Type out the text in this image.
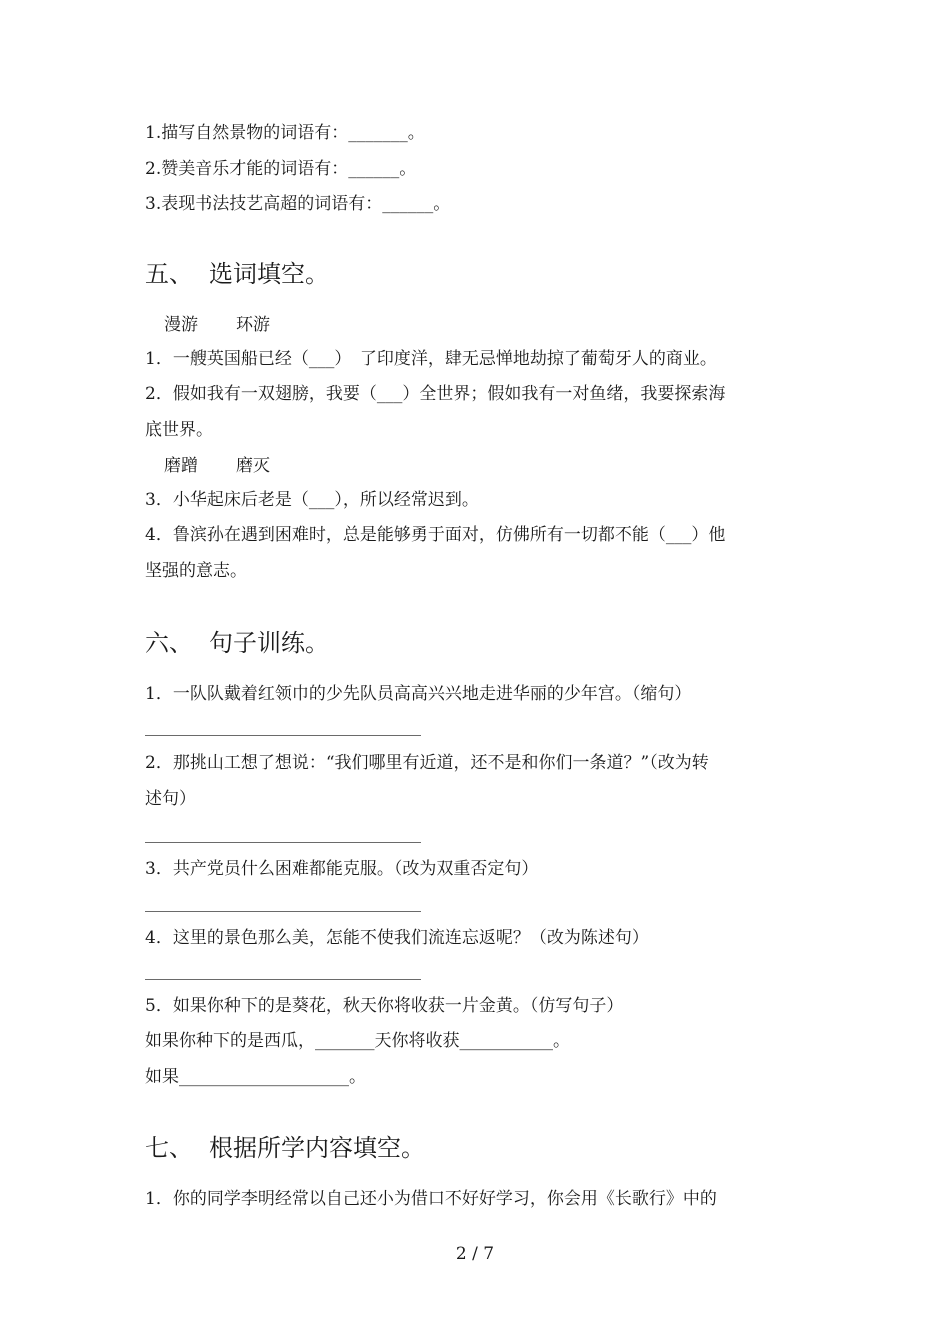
1.描写自然景物的词语有：_______。
2.赞美音乐才能的词语有：______。
3.表现书法技艺高超的词语有：______。
五、 选词填空。
漫游 环游
1．一艘英国船已经（___）　了印度洋，肆无忌惮地劫掠了葡萄牙人的商业。
2．假如我有一双翅膀，我要（___）全世界；假如我有一对鱼绪，我要探索海
底世界。
磨蹭 磨灭
3．小华起床后老是（___），所以经常迟到。
4．鲁滨孙在遇到困难时，总是能够勇于面对，仿佛所有一切都不能（___）他
坚强的意志。
六、 句子训练。
1．一队队戴着红领巾的少先队员高高兴兴地走进华丽的少年宫。（缩句）
2．那挑山工想了想说：“我们哪里有近道，还不是和你们一条道？”（改为转
述句）
3．共产党员什么困难都能克服。（改为双重否定句）
4．这里的景色那么美，怎能不使我们流连忘返呢？（改为陈述句）
5．如果你种下的是葵花，秋天你将收获一片金黄。（仿写句子）
如果你种下的是西瓜，_______天你将收获___________。
如果____________________。
七、 根据所学内容填空。
1．你的同学李明经常以自己还小为借口不好好学习，你会用《长歌行》中的
2 / 7
